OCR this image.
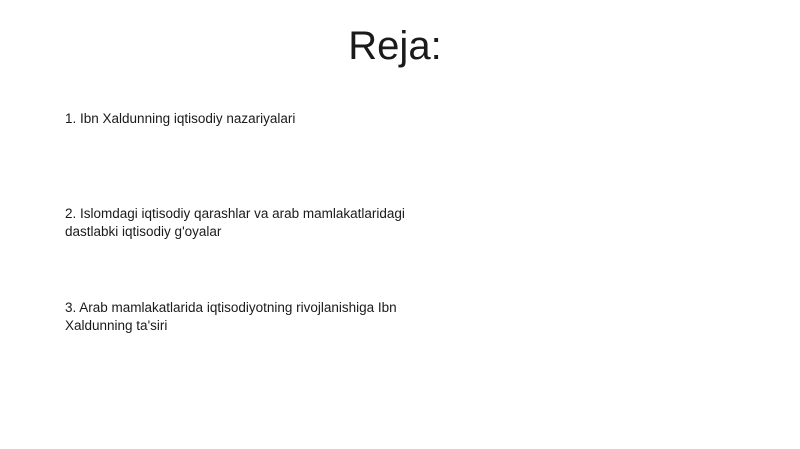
Reja:
1. Ibn Xaldunning iqtisodiy nazariyalari
2. Islomdagi iqtisodiy qarashlar va arab mamlakatlaridagi dastlabki iqtisodiy g'oyalar
3. Arab mamlakatlarida iqtisodiyotning rivojlanishiga Ibn Xaldunning ta'siri
